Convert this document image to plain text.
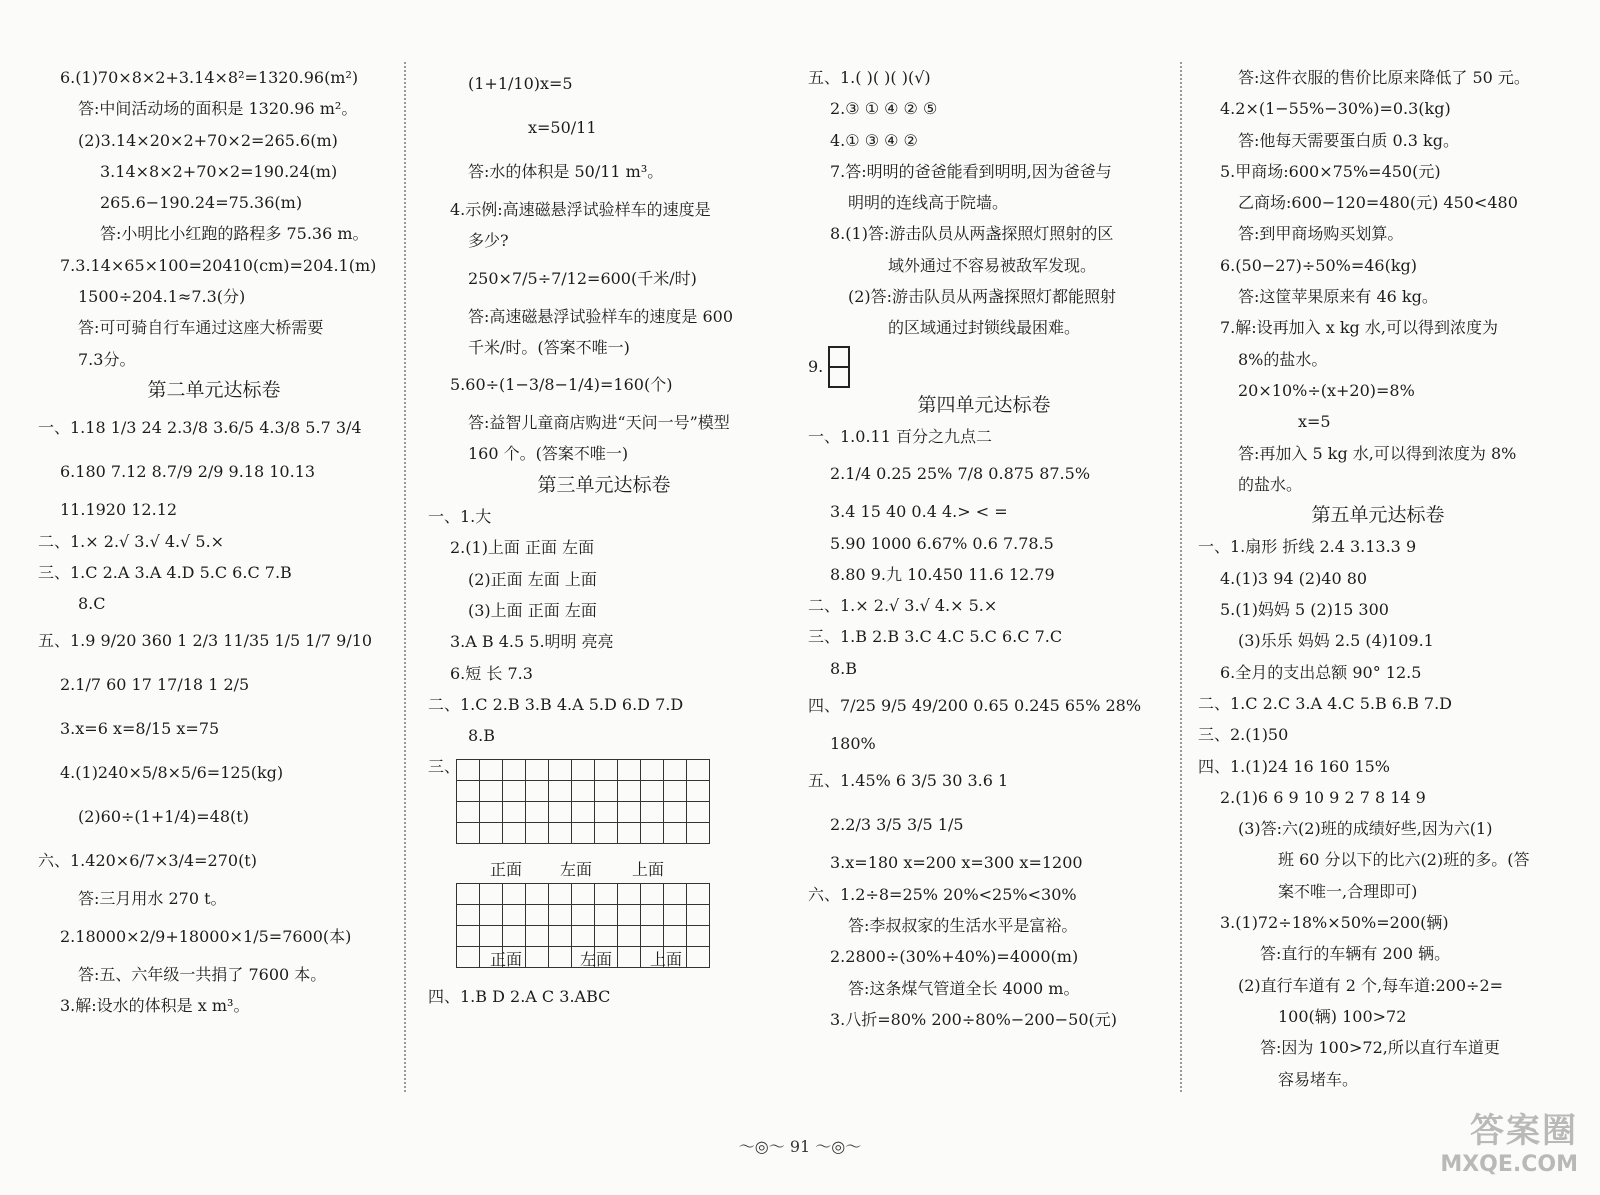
6.(1)70×8×2+3.14×8²=1320.96(m²)
答:中间活动场的面积是 1320.96 m²。
(2)3.14×20×2+70×2=265.6(m)
3.14×8×2+70×2=190.24(m)
265.6−190.24=75.36(m)
答:小明比小红跑的路程多 75.36 m。
7.3.14×65×100=20410(cm)=204.1(m)
1500÷204.1≈7.3(分)
答:可可骑自行车通过这座大桥需要
7.3分。
第二单元达标卷
一、1.18 1/3 24 2.3/8 3.6/5 4.3/8 5.7 3/4
6.180 7.12 8.7/9 2/9 9.18 10.13
11.1920 12.12
二、1.× 2.√ 3.√ 4.√ 5.×
三、1.C 2.A 3.A 4.D 5.C 6.C 7.B
8.C
五、1.9 9/20 360 1 2/3 11/35 1/5 1/7 9/10
2.1/7 60 17 17/18 1 2/5
3.x=6 x=8/15 x=75
4.(1)240×5/8×5/6=125(kg)
(2)60÷(1+1/4)=48(t)
六、1.420×6/7×3/4=270(t)
答:三月用水 270 t。
2.18000×2/9+18000×1/5=7600(本)
答:五、六年级一共捐了 7600 本。
3.解:设水的体积是 x m³。
(1+1/10)x=5
x=50/11
答:水的体积是 50/11 m³。
4.示例:高速磁悬浮试验样车的速度是
多少?
250×7/5÷7/12=600(千米/时)
答:高速磁悬浮试验样车的速度是 600
千米/时。(答案不唯一)
5.60÷(1−3/8−1/4)=160(个)
答:益智儿童商店购进“天问一号”模型
160 个。(答案不唯一)
第三单元达标卷
一、1.大
2.(1)上面 正面 左面
(2)正面 左面 上面
(3)上面 正面 左面
3.A B 4.5 5.明明 亮亮
6.短 长 7.3
二、1.C 2.B 3.B 4.A 5.D 6.D 7.D
8.B
三、

正面 左面 上面

正面	左面 上面
四、1.B D 2.A C 3.ABC
五、1.( )( )( )(√)
2.③ ① ④ ② ⑤
4.① ③ ④ ②
7.答:明明的爸爸能看到明明,因为爸爸与
明明的连线高于院墙。
8.(1)答:游击队员从两盏探照灯照射的区
域外通过不容易被敌军发现。
(2)答:游击队员从两盏探照灯都能照射
的区域通过封锁线最困难。
9.
第四单元达标卷
一、1.0.11 百分之九点二
2.1/4 0.25 25% 7/8 0.875 87.5%
3.4 15 40 0.4 4.> < =
5.90 1000 6.67% 0.6 7.78.5
8.80 9.九 10.450 11.6 12.79
二、1.× 2.√ 3.√ 4.× 5.×
三、1.B 2.B 3.C 4.C 5.C 6.C 7.C
8.B
四、7/25 9/5 49/200 0.65 0.245 65% 28%
180%
五、1.45% 6 3/5 30 3.6 1
2.2/3 3/5 3/5 1/5
3.x=180 x=200 x=300 x=1200
六、1.2÷8=25% 20%<25%<30%
答:李叔叔家的生活水平是富裕。
2.2800÷(30%+40%)=4000(m)
答:这条煤气管道全长 4000 m。
3.八折=80% 200÷80%−200−50(元)
答:这件衣服的售价比原来降低了 50 元。
4.2×(1−55%−30%)=0.3(kg)
答:他每天需要蛋白质 0.3 kg。
5.甲商场:600×75%=450(元)
乙商场:600−120=480(元) 450<480
答:到甲商场购买划算。
6.(50−27)÷50%=46(kg)
答:这筐苹果原来有 46 kg。
7.解:设再加入 x kg 水,可以得到浓度为
8%的盐水。
20×10%÷(x+20)=8%
x=5
答:再加入 5 kg 水,可以得到浓度为 8%
的盐水。
第五单元达标卷
一、1.扇形 折线 2.4 3.13.3 9
4.(1)3 94 (2)40 80
5.(1)妈妈 5 (2)15 300
(3)乐乐 妈妈 2.5 (4)109.1
6.全月的支出总额 90° 12.5
二、1.C 2.C 3.A 4.C 5.B 6.B 7.D
三、2.(1)50
四、1.(1)24 16 160 15%
2.(1)6 6 9 10 9 2 7 8 14 9
(3)答:六(2)班的成绩好些,因为六(1)
班 60 分以下的比六(2)班的多。(答
案不唯一,合理即可)
3.(1)72÷18%×50%=200(辆)
答:直行的车辆有 200 辆。
(2)直行车道有 2 个,每车道:200÷2=
100(辆) 100>72
答:因为 100>72,所以直行车道更
容易堵车。
〜◎〜 91 〜◎〜	答案圈
MXQE.COM
